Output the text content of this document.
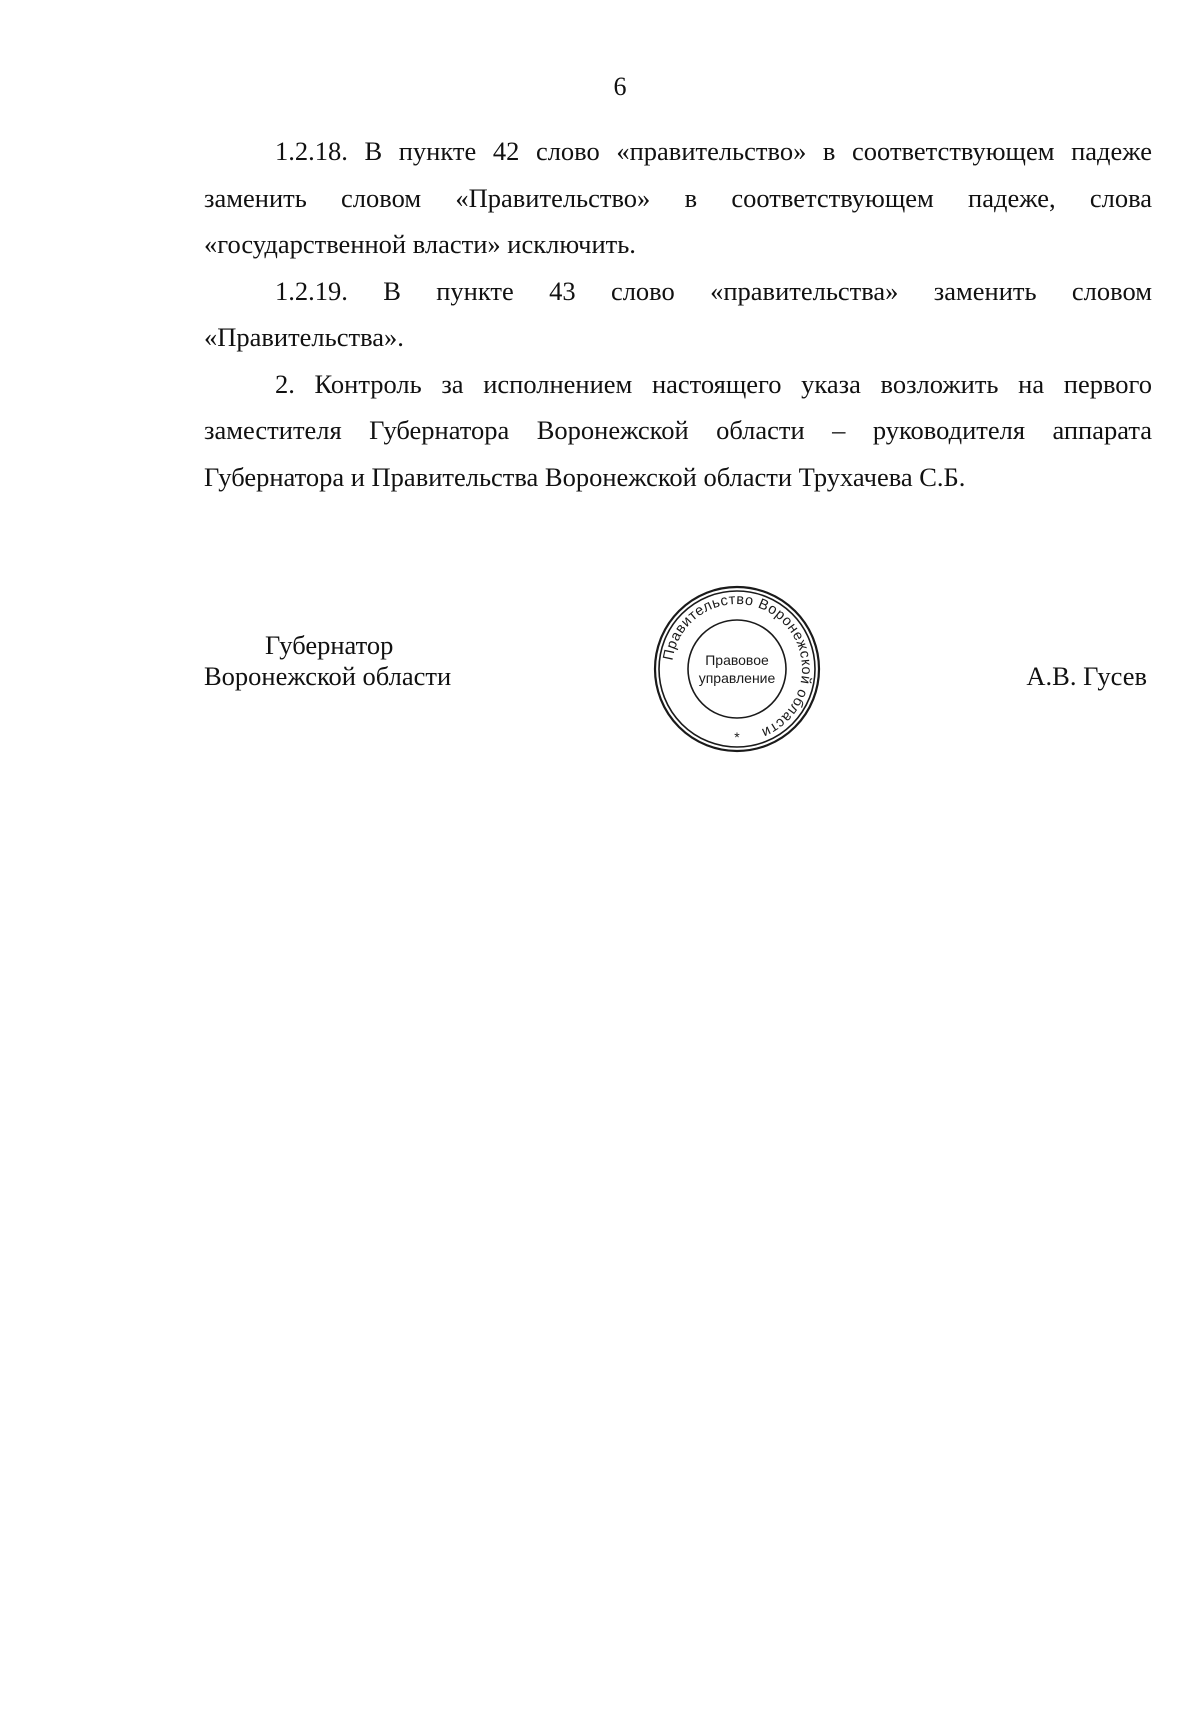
6

1.2.18. В пункте 42 слово «правительство» в соответствующем падеже заменить словом «Правительство» в соответствующем падеже, слова «государственной власти» исключить.

1.2.19. В пункте 43 слово «правительства» заменить словом «Правительства».

2. Контроль за исполнением настоящего указа возложить на первого заместителя Губернатора Воронежской области – руководителя аппарата Губернатора и Правительства Воронежской области Трухачева С.Б.

Губернатор
Воронежской области	А.В. Гусев
Правительство Воронежской области
Правовое
управление
*
